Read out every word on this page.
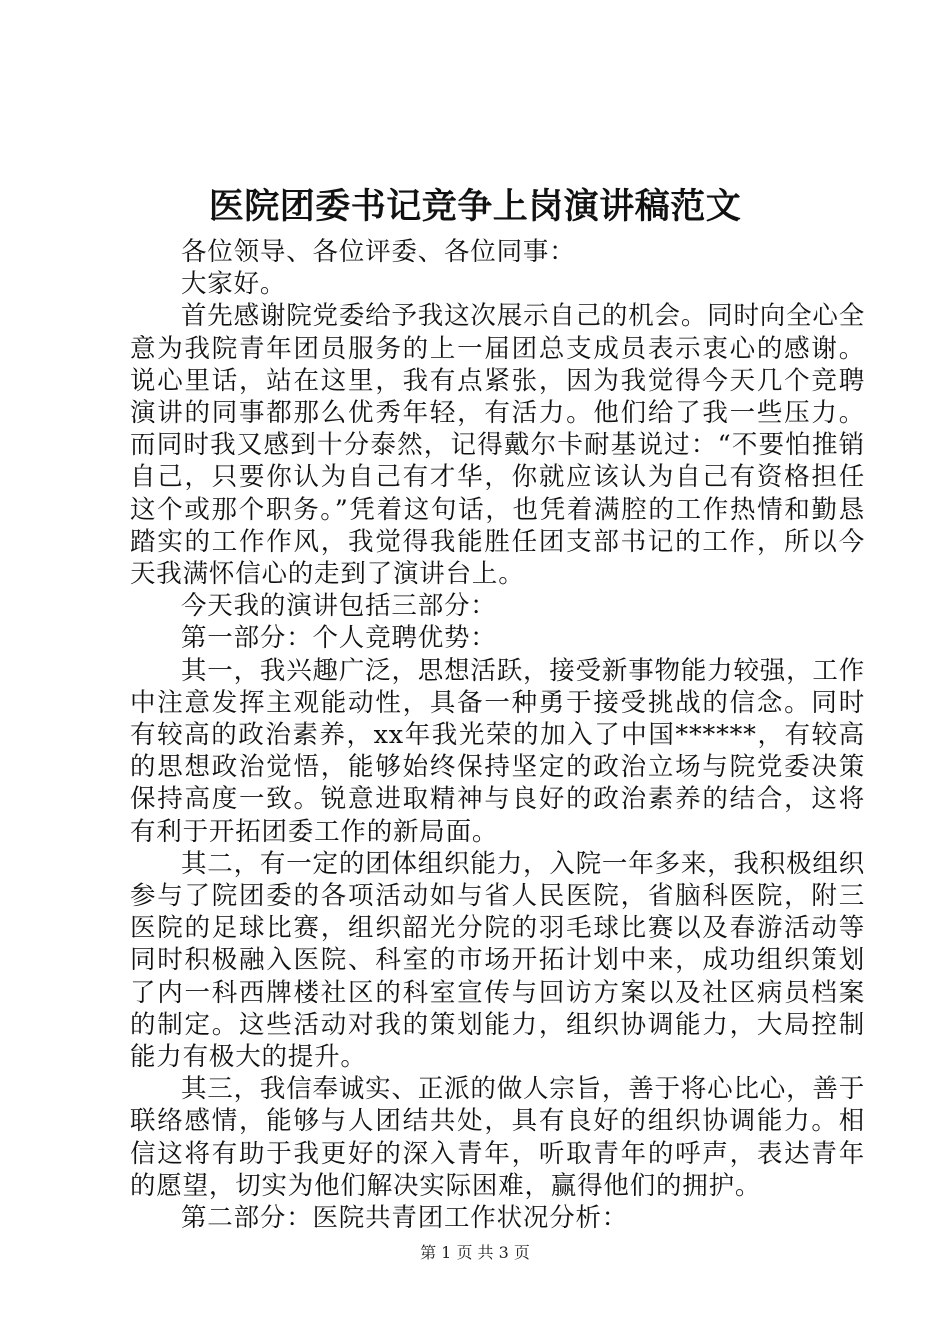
医院团委书记竞争上岗演讲稿范文

各位领导、各位评委、各位同事：

大家好。

首先感谢院党委给予我这次展示自己的机会。同时向全心全意为我院青年团员服务的上一届团总支成员表示衷心的感谢。说心里话，站在这里，我有点紧张，因为我觉得今天几个竞聘演讲的同事都那么优秀年轻，有活力。他们给了我一些压力。而同时我又感到十分泰然，记得戴尔卡耐基说过：“不要怕推销自己，只要你认为自己有才华，你就应该认为自己有资格担任这个或那个职务。”凭着这句话，也凭着满腔的工作热情和勤恳踏实的工作作风，我觉得我能胜任团支部书记的工作，所以今天我满怀信心的走到了演讲台上。

今天我的演讲包括三部分：

第一部分：个人竞聘优势：

其一，我兴趣广泛，思想活跃，接受新事物能力较强，工作中注意发挥主观能动性，具备一种勇于接受挑战的信念。同时有较高的政治素养，xx年我光荣的加入了中国******，有较高的思想政治觉悟，能够始终保持坚定的政治立场与院党委决策保持高度一致。锐意进取精神与良好的政治素养的结合，这将有利于开拓团委工作的新局面。

其二，有一定的团体组织能力，入院一年多来，我积极组织参与了院团委的各项活动如与省人民医院，省脑科医院，附三医院的足球比赛，组织韶光分院的羽毛球比赛以及春游活动等同时积极融入医院、科室的市场开拓计划中来，成功组织策划了内一科西牌楼社区的科室宣传与回访方案以及社区病员档案的制定。这些活动对我的策划能力，组织协调能力，大局控制能力有极大的提升。

其三，我信奉诚实、正派的做人宗旨，善于将心比心，善于联络感情，能够与人团结共处，具有良好的组织协调能力。相信这将有助于我更好的深入青年，听取青年的呼声，表达青年的愿望，切实为他们解决实际困难，赢得他们的拥护。

第二部分：医院共青团工作状况分析：

第 1 页 共 3 页
